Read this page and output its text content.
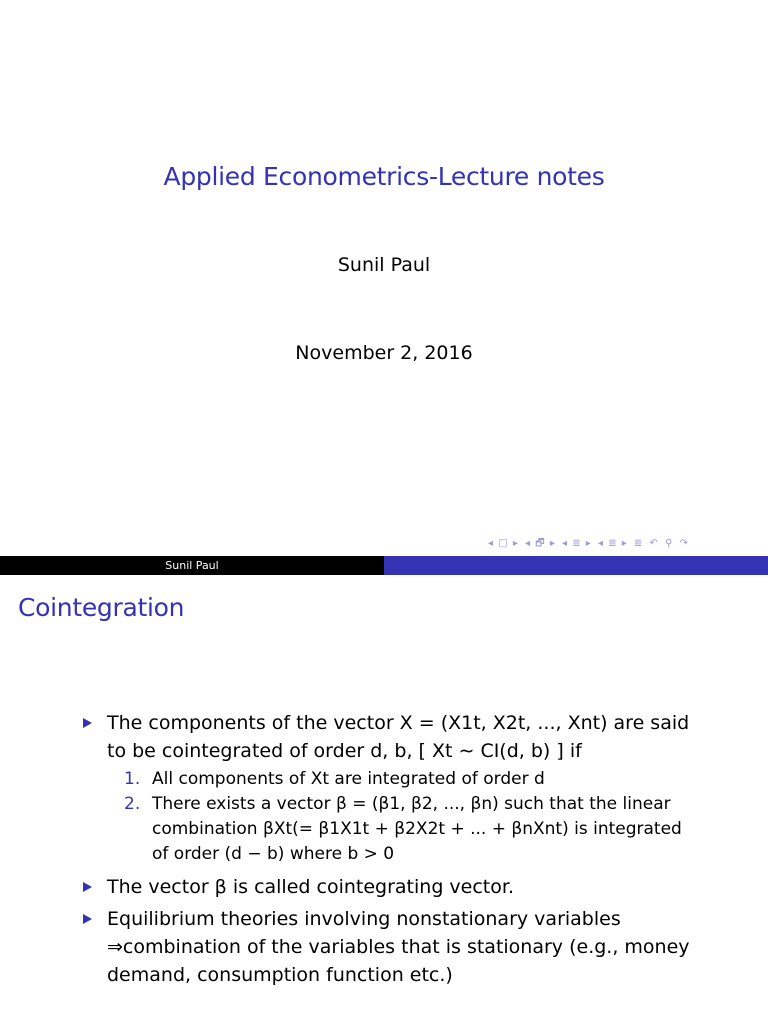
Applied Econometrics-Lecture notes
Sunil Paul
November 2, 2016
◂ □ ▸ ◂ 🗗 ▸ ◂ ≣ ▸ ◂ ≣ ▸ ≣ ↶ ⚲ ↷
Sunil Paul
Cointegration
The components of the vector X = (X1t, X2t, ..., Xnt) are said
to be cointegrated of order d, b, [ Xt ∼ CI(d, b) ] if
1. All components of Xt are integrated of order d
2. There exists a vector β = (β1, β2, ..., βn) such that the linear
combination βXt(= β1X1t + β2X2t + ... + βnXnt) is integrated
of order (d − b) where b > 0
The vector β is called cointegrating vector.
Equilibrium theories involving nonstationary variables
⇒combination of the variables that is stationary (e.g., money
demand, consumption function etc.)
